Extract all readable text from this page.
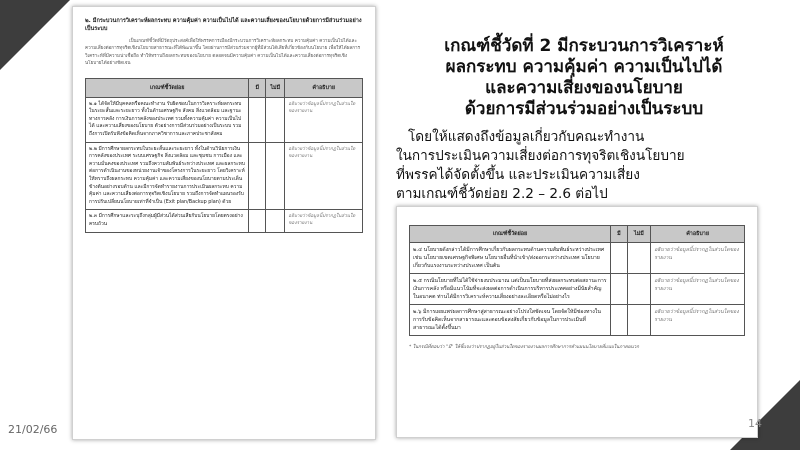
๒. มีกระบวนการวิเคราะห์ผลกระทบ ความคุ้มค่า ความเป็นไปได้ และความเสี่ยงของนโยบายด้วยการมีส่วนร่วมอย่างเป็นระบบ
เป็นเกณฑ์ชี้วัดที่มีวัตถุประสงค์เพื่อให้พรรคการเมืองมีกระบวนการวิเคราะห์ผลกระทบ ความคุ้มค่า ความเป็นไปได้และความเสี่ยงต่อการทุจริตเชิงนโยบายสาธารณะที่ได้พัฒนาขึ้น โดยผ่านการมีส่วนร่วมจากผู้ที่มีส่วนได้เสียที่เกี่ยวข้องกับนโยบาย เพื่อให้ได้ผลการวิเคราะห์ที่มีความน่าเชื่อถือ ทำให้ทราบถึงผลกระทบของนโยบาย ตลอดจนมีความคุ้มค่า ความเป็นไปได้และความเสี่ยงต่อการทุจริตเชิงนโยบายได้อย่างชัดเจน
เกณฑ์ชี้วัดย่อย	มี	ไม่มี	คำอธิบาย
๒.๑ ได้จัดให้มีบุคคลหรือคณะทำงาน รับผิดชอบในการวิเคราะห์ผลกระทบ ในระยะสั้นและระยะยาว ทั้งในด้านเศรษฐกิจ สังคม สิ่งแวดล้อม และฐานะทางการคลัง การเงินการคลังของประเทศ รวมทั้งความคุ้มค่า ความเป็นไปได้ และความเสี่ยงของนโยบาย ตัวอย่างการมีส่วนร่วมอย่างเป็นระบบ รวมถึงการเปิดรับฟังข้อคิดเห็นจากภาควิชาการและภาคประชาสังคม			อธิบายว่าข้อมูลนี้ปรากฏในส่วนใดของรายงาน
๒.๒ มีการศึกษาผลกระทบในระยะสั้นและระยะยาว ทั้งในด้านวินัยการเงินการคลังของประเทศ ระบบเศรษฐกิจ สิ่งแวดล้อม และชุมชน การเมือง และความมั่นคงของประเทศ รวมถึงความสัมพันธ์ระหว่างประเทศ และผลกระทบต่อการดำเนินงานของหน่วยงานเจ้าของโครงการในระยะยาว โดยวิเคราะห์ให้ทราบถึงผลกระทบ ความคุ้มค่า และความเสี่ยงของนโยบายตามประเด็นข้างต้นอย่างรอบด้าน และมีการจัดทำรายงานการประเมินผลกระทบ ความคุ้มค่า และความเสี่ยงต่อการทุจริตเชิงนโยบาย รวมถึงการจัดทำแผนรองรับการปรับเปลี่ยนนโยบายเท่าที่จำเป็น (Exit plan/Backup plan) ด้วย			อธิบายว่าข้อมูลนี้ปรากฏในส่วนใดของรายงาน
๒.๓ มีการศึกษาและระบุถึงกลุ่มผู้มีส่วนได้ส่วนเสียกับนโยบายโดยตรงอย่างครบถ้วน			อธิบายว่าข้อมูลนี้ปรากฏในส่วนใดของรายงาน
เกณฑ์ชี้วัดที่ 2 มีกระบวนการวิเคราะห์
ผลกระทบ ความคุ้มค่า ความเป็นไปได้
และความเสี่ยงของนโยบาย
ด้วยการมีส่วนร่วมอย่างเป็นระบบ
โดยให้แสดงถึงข้อมูลเกี่ยวกับคณะทำงาน
ในการประเมินความเสี่ยงต่อการทุจริตเชิงนโยบาย
ที่พรรคได้จัดตั้งขึ้น และประเมินความเสี่ยง
ตามเกณฑ์ชี้วัดย่อย 2.2 – 2.6 ต่อไป
เกณฑ์ชี้วัดย่อย	มี	ไม่มี	คำอธิบาย
๒.๔ นโยบายดังกล่าวได้มีการศึกษาเกี่ยวกับผลกระทบด้านความสัมพันธ์ระหว่างประเทศ เช่น นโยบายเขตเศรษฐกิจพิเศษ นโยบายอื่นที่นำเข้า/ส่งออกระหว่างประเทศ นโยบายเกี่ยวกับแรงงานระหว่างประเทศ เป็นต้น			อธิบายว่าข้อมูลนี้ปรากฏในส่วนใดของรายงาน
๒.๕ กรณีนโยบายที่ไม่ได้ใช้จ่ายงบประมาณ แต่เป็นนโยบายที่ส่งผลกระทบต่อสถานะการเงินการคลัง หรือมีแนวโน้มที่จะส่งผลต่อการดำเนินการบริหารประเทศอย่างมีนัยสำคัญในอนาคต ท่านได้มีการวิเคราะห์ความเสี่ยงอย่างละเอียดหรือไม่อย่างไร			อธิบายว่าข้อมูลนี้ปรากฏในส่วนใดของรายงาน
๒.๖ มีการเผยแพร่ผลการศึกษาสู่สาธารณะอย่างโปร่งใสชัดเจน โดยจัดให้มีช่องทางในการรับข้อคิดเห็นจากสาธารณะและตอบข้อสงสัยเกี่ยวกับข้อมูลในการประเมินที่สาธารณะได้ตั้งขึ้นมา			อธิบายว่าข้อมูลนี้ปรากฏในส่วนใดของรายงาน
* ในกรณีที่ตอบว่า "มี" ให้ชี้แจงว่าปรากฏอยู่ในส่วนใดของรายงานผลการศึกษาการทำแผนนโยบายที่แนบในภาคผนวก
21/02/66	14
